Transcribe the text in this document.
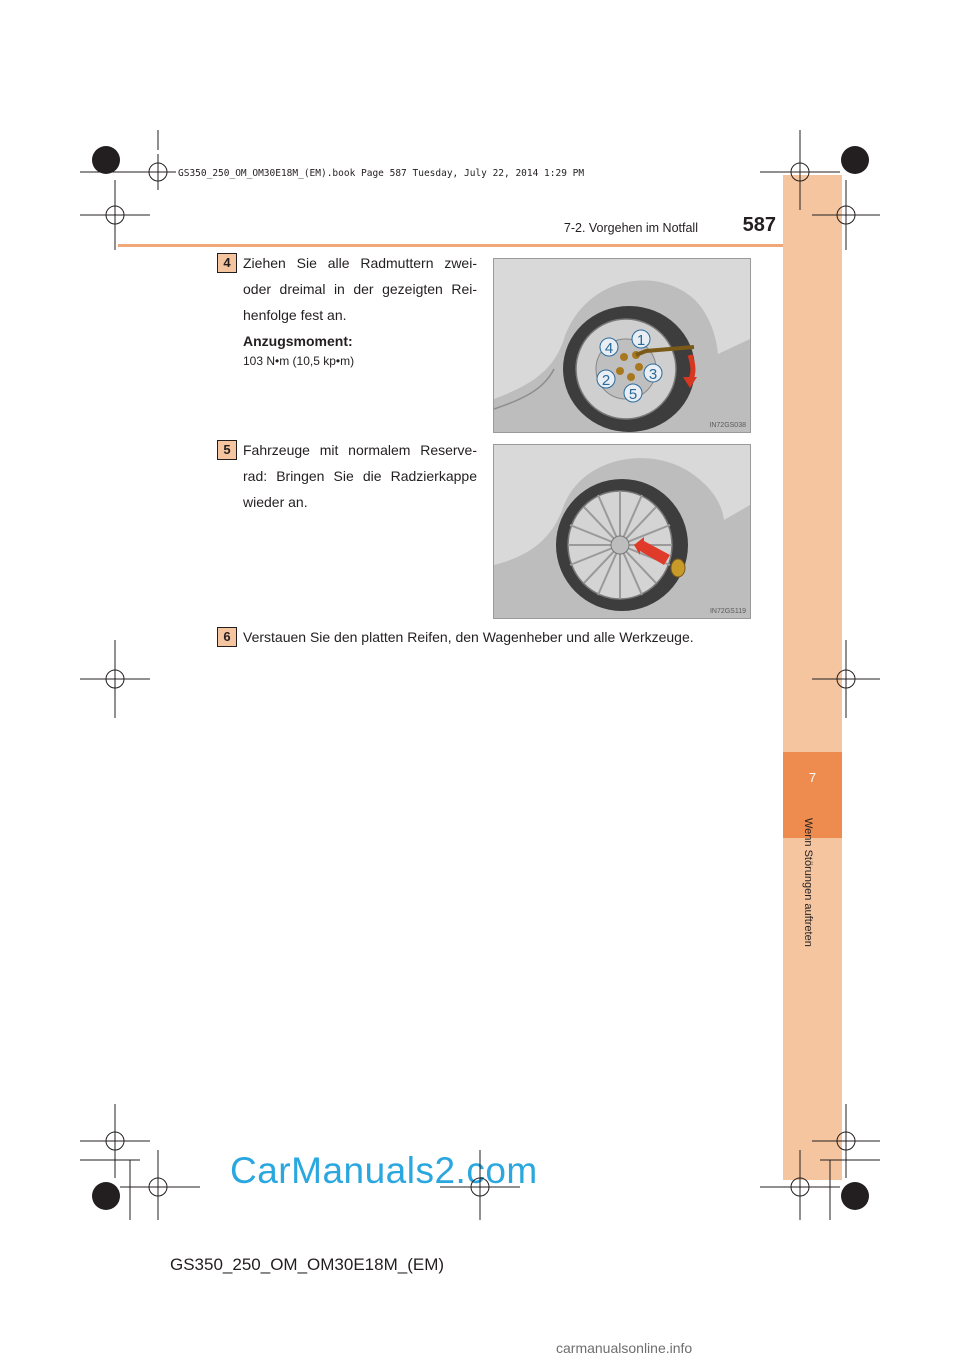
7
Wenn Störungen auftreten
GS350_250_OM_OM30E18M_(EM).book Page 587 Tuesday, July 22, 2014 1:29 PM
7-2. Vorgehen im Notfall	587
4 Ziehen Sie alle Radmuttern zwei-oder dreimal in der gezeigten Rei-henfolge fest an.
Anzugsmoment:
103 N•m (10,5 kp•m)
1
2	3
4
5
IN72GS038
5 Fahrzeuge mit normalem Reserve-rad: Bringen Sie die Radzierkappe wieder an.
IN72GS119
6 Verstauen Sie den platten Reifen, den Wagenheber und alle Werkzeuge.
GS350_250_OM_OM30E18M_(EM)
CarManuals2.com
carmanualsonline.info
